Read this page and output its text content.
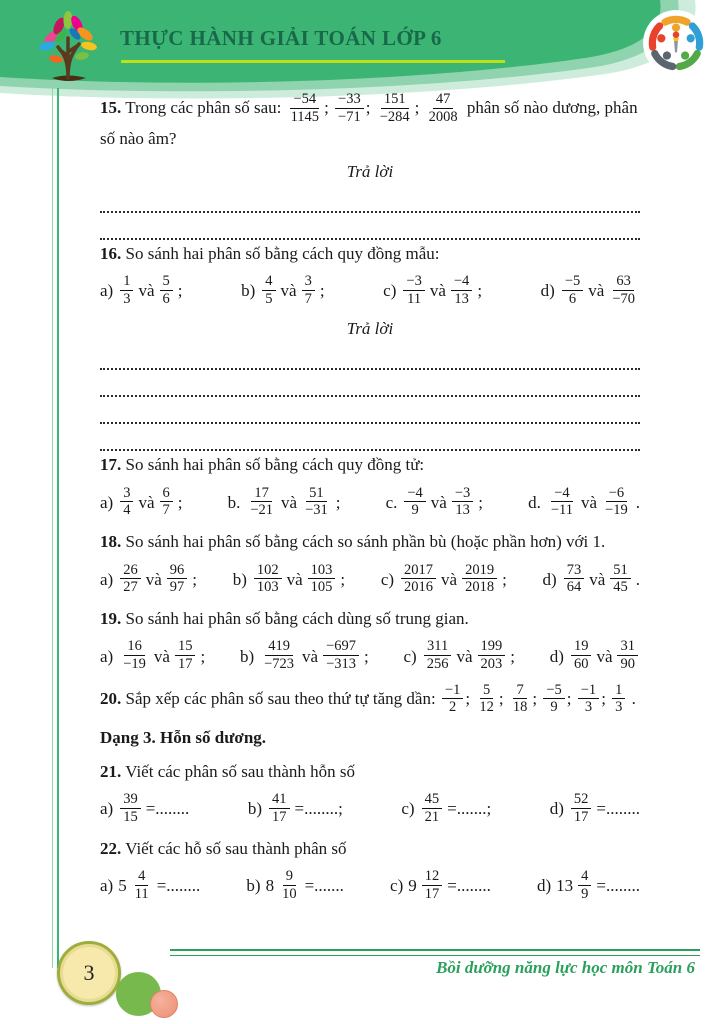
THỰC HÀNH GIẢI TOÁN LỚP 6

15. Trong các phân số sau: $\frac{-54}{1145}$ ; $\frac{-33}{-71}$ ; $\frac{151}{-284}$ ; $\frac{47}{2008}$ phân số nào dương, phân số nào âm?

Trả lời

16. So sánh hai phân số bằng cách quy đồng mẫu:

$a) \frac{1}{3}$ và $\frac{5}{6}$ ;	$b) \frac{4}{5}$ và $\frac{3}{7}$ ;	$c) \frac{-3}{11}$ và $\frac{-4}{13}$ ;	$d) \frac{-5}{6}$ và $\frac{63}{-70}$

Trả lời

17. So sánh hai phân số bằng cách quy đồng tử:

$a) \frac{3}{4}$ và $\frac{6}{7}$ ;	b. $\frac{17}{-21}$ và $\frac{51}{-31}$ ;	c. $\frac{-4}{9}$ và $\frac{-3}{13}$ ;	d. $\frac{-4}{-11}$ và $\frac{-6}{-19}$ .

18. So sánh hai phân số bằng cách so sánh phần bù (hoặc phần hơn) với 1.

$a) \frac{26}{27}$ và $\frac{96}{97}$ ; $b) \frac{102}{103}$ và $\frac{103}{105}$ ; $c) \frac{2017}{2016}$ và $\frac{2019}{2018}$ ; $d) \frac{73}{64}$ và $\frac{51}{45}$ .

19. So sánh hai phân số bằng cách dùng số trung gian.

$a) \frac{16}{-19}$ và $\frac{15}{17}$ ; $b) \frac{419}{-723}$ và $\frac{-697}{-313}$ ; $c) \frac{311}{256}$ và $\frac{199}{203}$ ; $d) \frac{19}{60}$ và $\frac{31}{90}$

20. Sắp xếp các phân số sau theo thứ tự tăng dần: $\frac{-1}{2}$ ; $\frac{5}{12}$ ; $\frac{7}{18}$ ; $\frac{-5}{9}$ ; $\frac{-1}{3}$ ; $\frac{1}{3}$ .

Dạng 3. Hỗn số dương.

21. Viết các phân số sau thành hỗn số

$a) \frac{39}{15}$ =........	$b) \frac{41}{17}$ =........;	$c) \frac{45}{21}$ =.......;	$d) \frac{52}{17}$ =........

22. Viết các hỗ số sau thành phân số

a) $5 \frac{4}{11}$ =........	b) $8 \frac{9}{10}$ =.......	c) $9 \frac{12}{17}$ =........	d) $13 \frac{4}{9}$ =........
Bồi dưỡng năng lực học môn Toán 6
3
